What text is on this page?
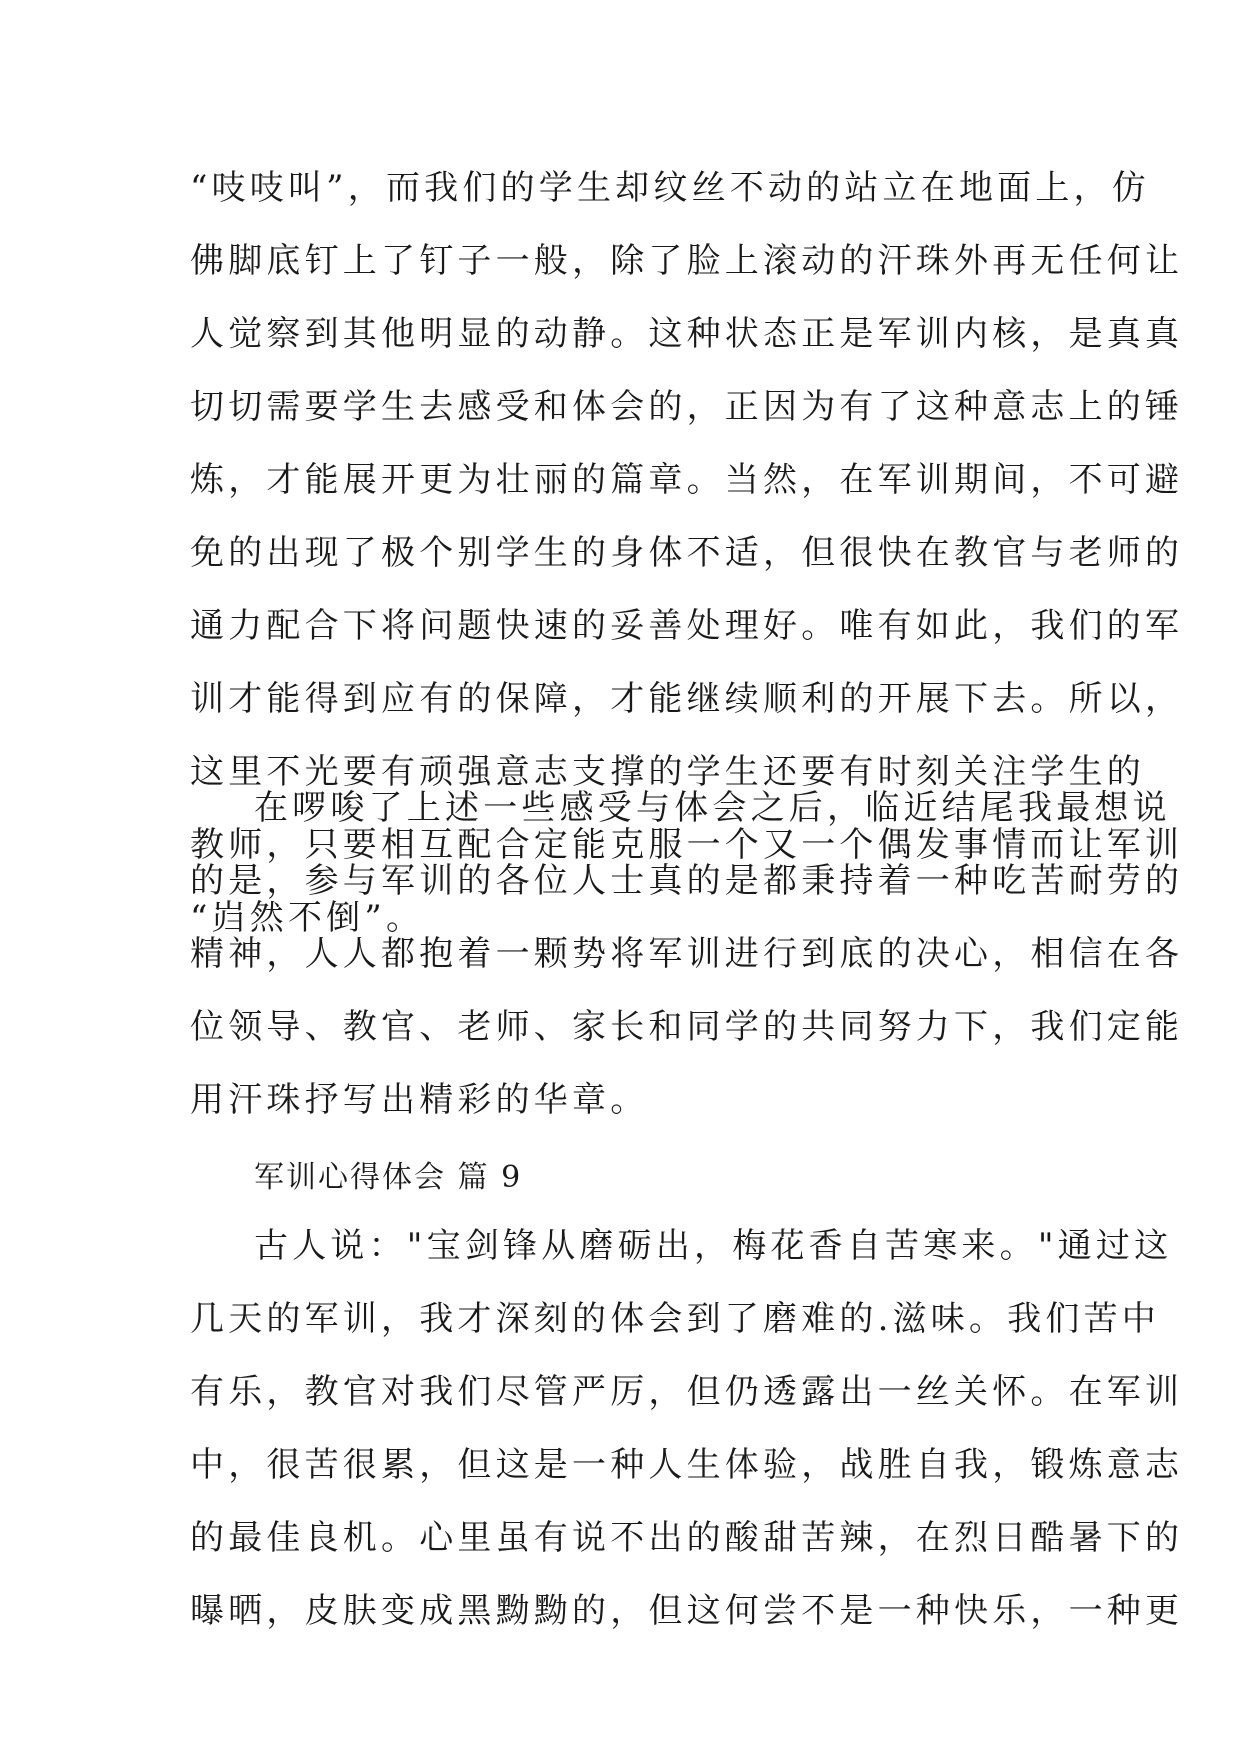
“吱吱叫”，而我们的学生却纹丝不动的站立在地面上，仿
佛脚底钉上了钉子一般，除了脸上滚动的汗珠外再无任何让
人觉察到其他明显的动静。这种状态正是军训内核，是真真
切切需要学生去感受和体会的，正因为有了这种意志上的锤
炼，才能展开更为壮丽的篇章。当然，在军训期间，不可避
免的出现了极个别学生的身体不适，但很快在教官与老师的
通力配合下将问题快速的妥善处理好。唯有如此，我们的军
训才能得到应有的保障，才能继续顺利的开展下去。所以，
这里不光要有顽强意志支撑的学生还要有时刻关注学生的
教师，只要相互配合定能克服一个又一个偶发事情而让军训
“岿然不倒”。
在啰唆了上述一些感受与体会之后，临近结尾我最想说
的是，参与军训的各位人士真的是都秉持着一种吃苦耐劳的
精神，人人都抱着一颗势将军训进行到底的决心，相信在各
位领导、教官、老师、家长和同学的共同努力下，我们定能
用汗珠抒写出精彩的华章。
军训心得体会 篇 9
古人说："宝剑锋从磨砺出，梅花香自苦寒来。"通过这
几天的军训，我才深刻的体会到了磨难的.滋味。我们苦中
有乐，教官对我们尽管严厉，但仍透露出一丝关怀。在军训
中，很苦很累，但这是一种人生体验，战胜自我，锻炼意志
的最佳良机。心里虽有说不出的酸甜苦辣，在烈日酷暑下的
曝晒，皮肤变成黑黝黝的，但这何尝不是一种快乐，一种更
